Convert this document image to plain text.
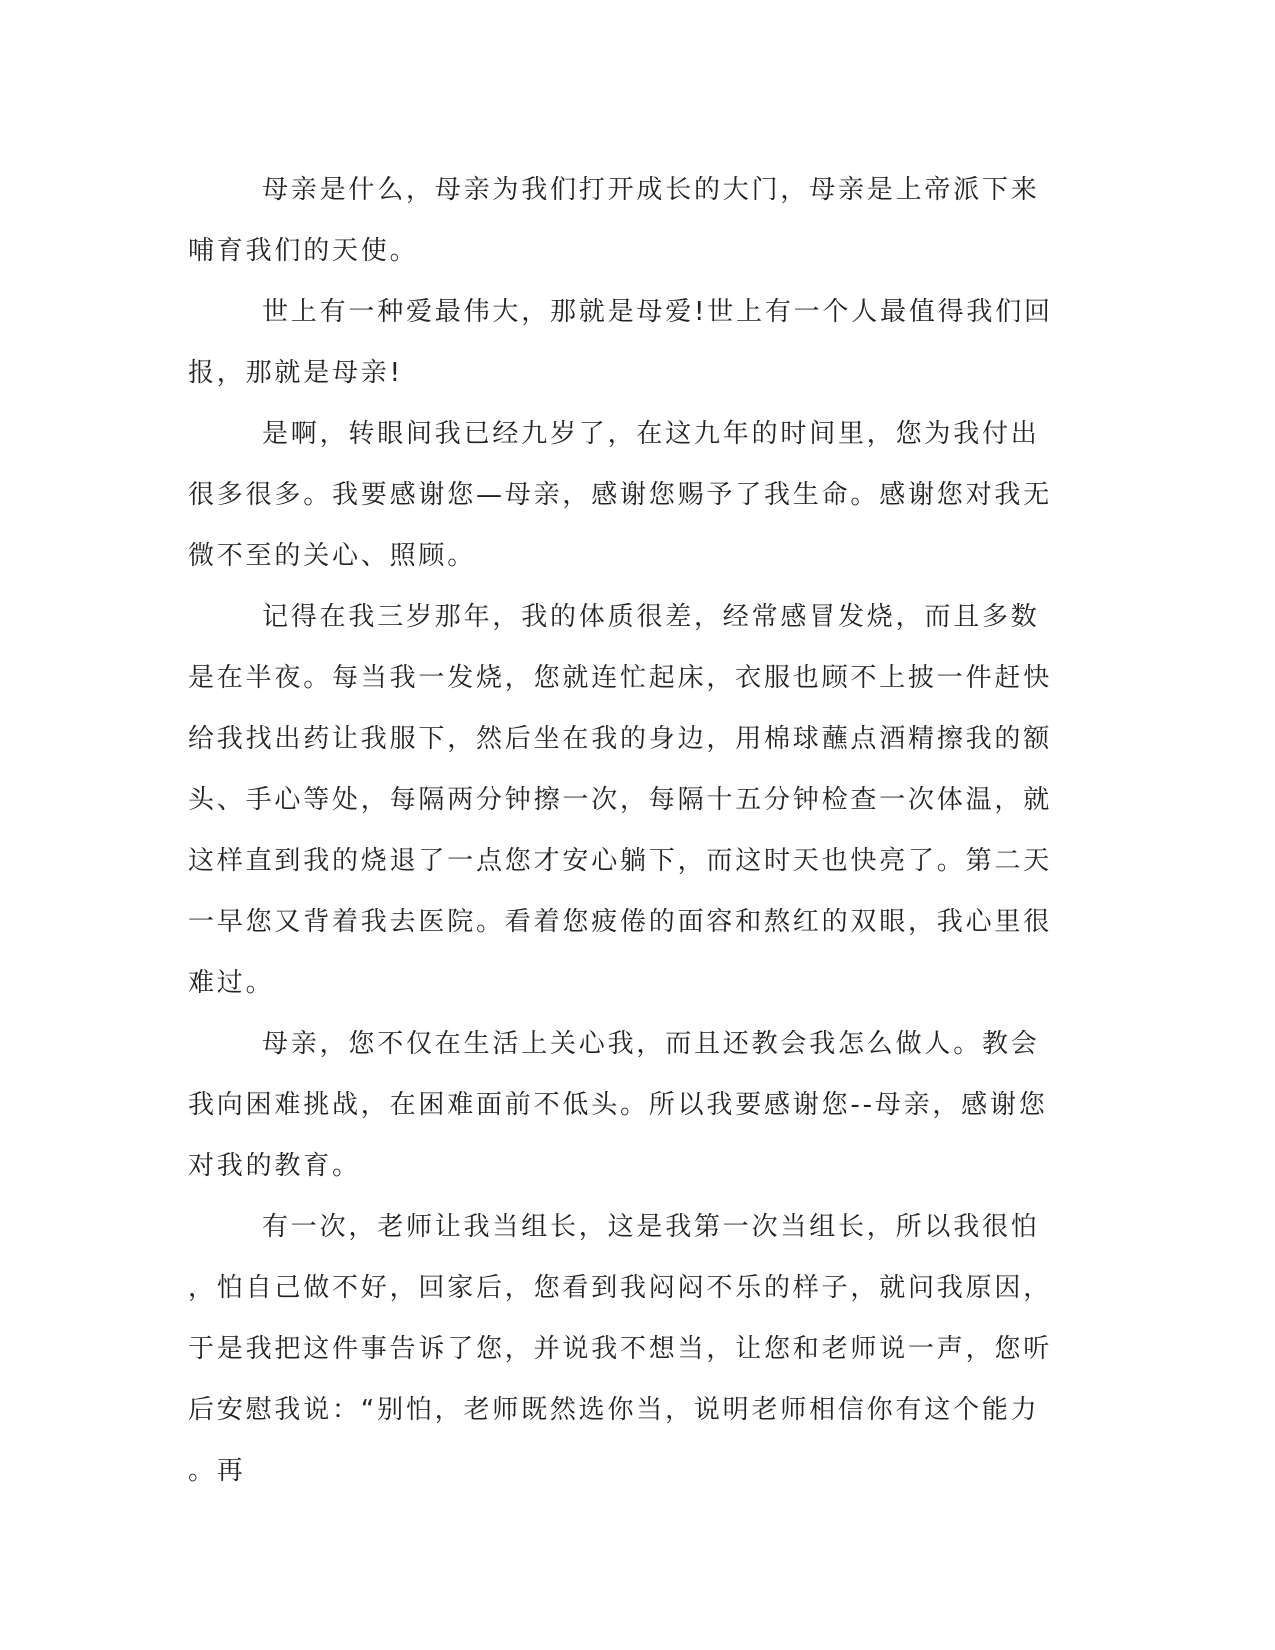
母亲是什么，母亲为我们打开成长的大门，母亲是上帝派下来哺育我们的天使。

世上有一种爱最伟大，那就是母爱!世上有一个人最值得我们回报，那就是母亲!

是啊，转眼间我已经九岁了，在这九年的时间里，您为我付出很多很多。我要感谢您—母亲，感谢您赐予了我生命。感谢您对我无微不至的关心、照顾。

记得在我三岁那年，我的体质很差，经常感冒发烧，而且多数是在半夜。每当我一发烧，您就连忙起床，衣服也顾不上披一件赶快给我找出药让我服下，然后坐在我的身边，用棉球蘸点酒精擦我的额头、手心等处，每隔两分钟擦一次，每隔十五分钟检查一次体温，就这样直到我的烧退了一点您才安心躺下，而这时天也快亮了。第二天一早您又背着我去医院。看着您疲倦的面容和熬红的双眼，我心里很难过。

母亲，您不仅在生活上关心我，而且还教会我怎么做人。教会我向困难挑战，在困难面前不低头。所以我要感谢您--母亲，感谢您对我的教育。

有一次，老师让我当组长，这是我第一次当组长，所以我很怕，怕自己做不好，回家后，您看到我闷闷不乐的样子，就问我原因，于是我把这件事告诉了您，并说我不想当，让您和老师说一声，您听后安慰我说：“别怕，老师既然选你当，说明老师相信你有这个能力。再
